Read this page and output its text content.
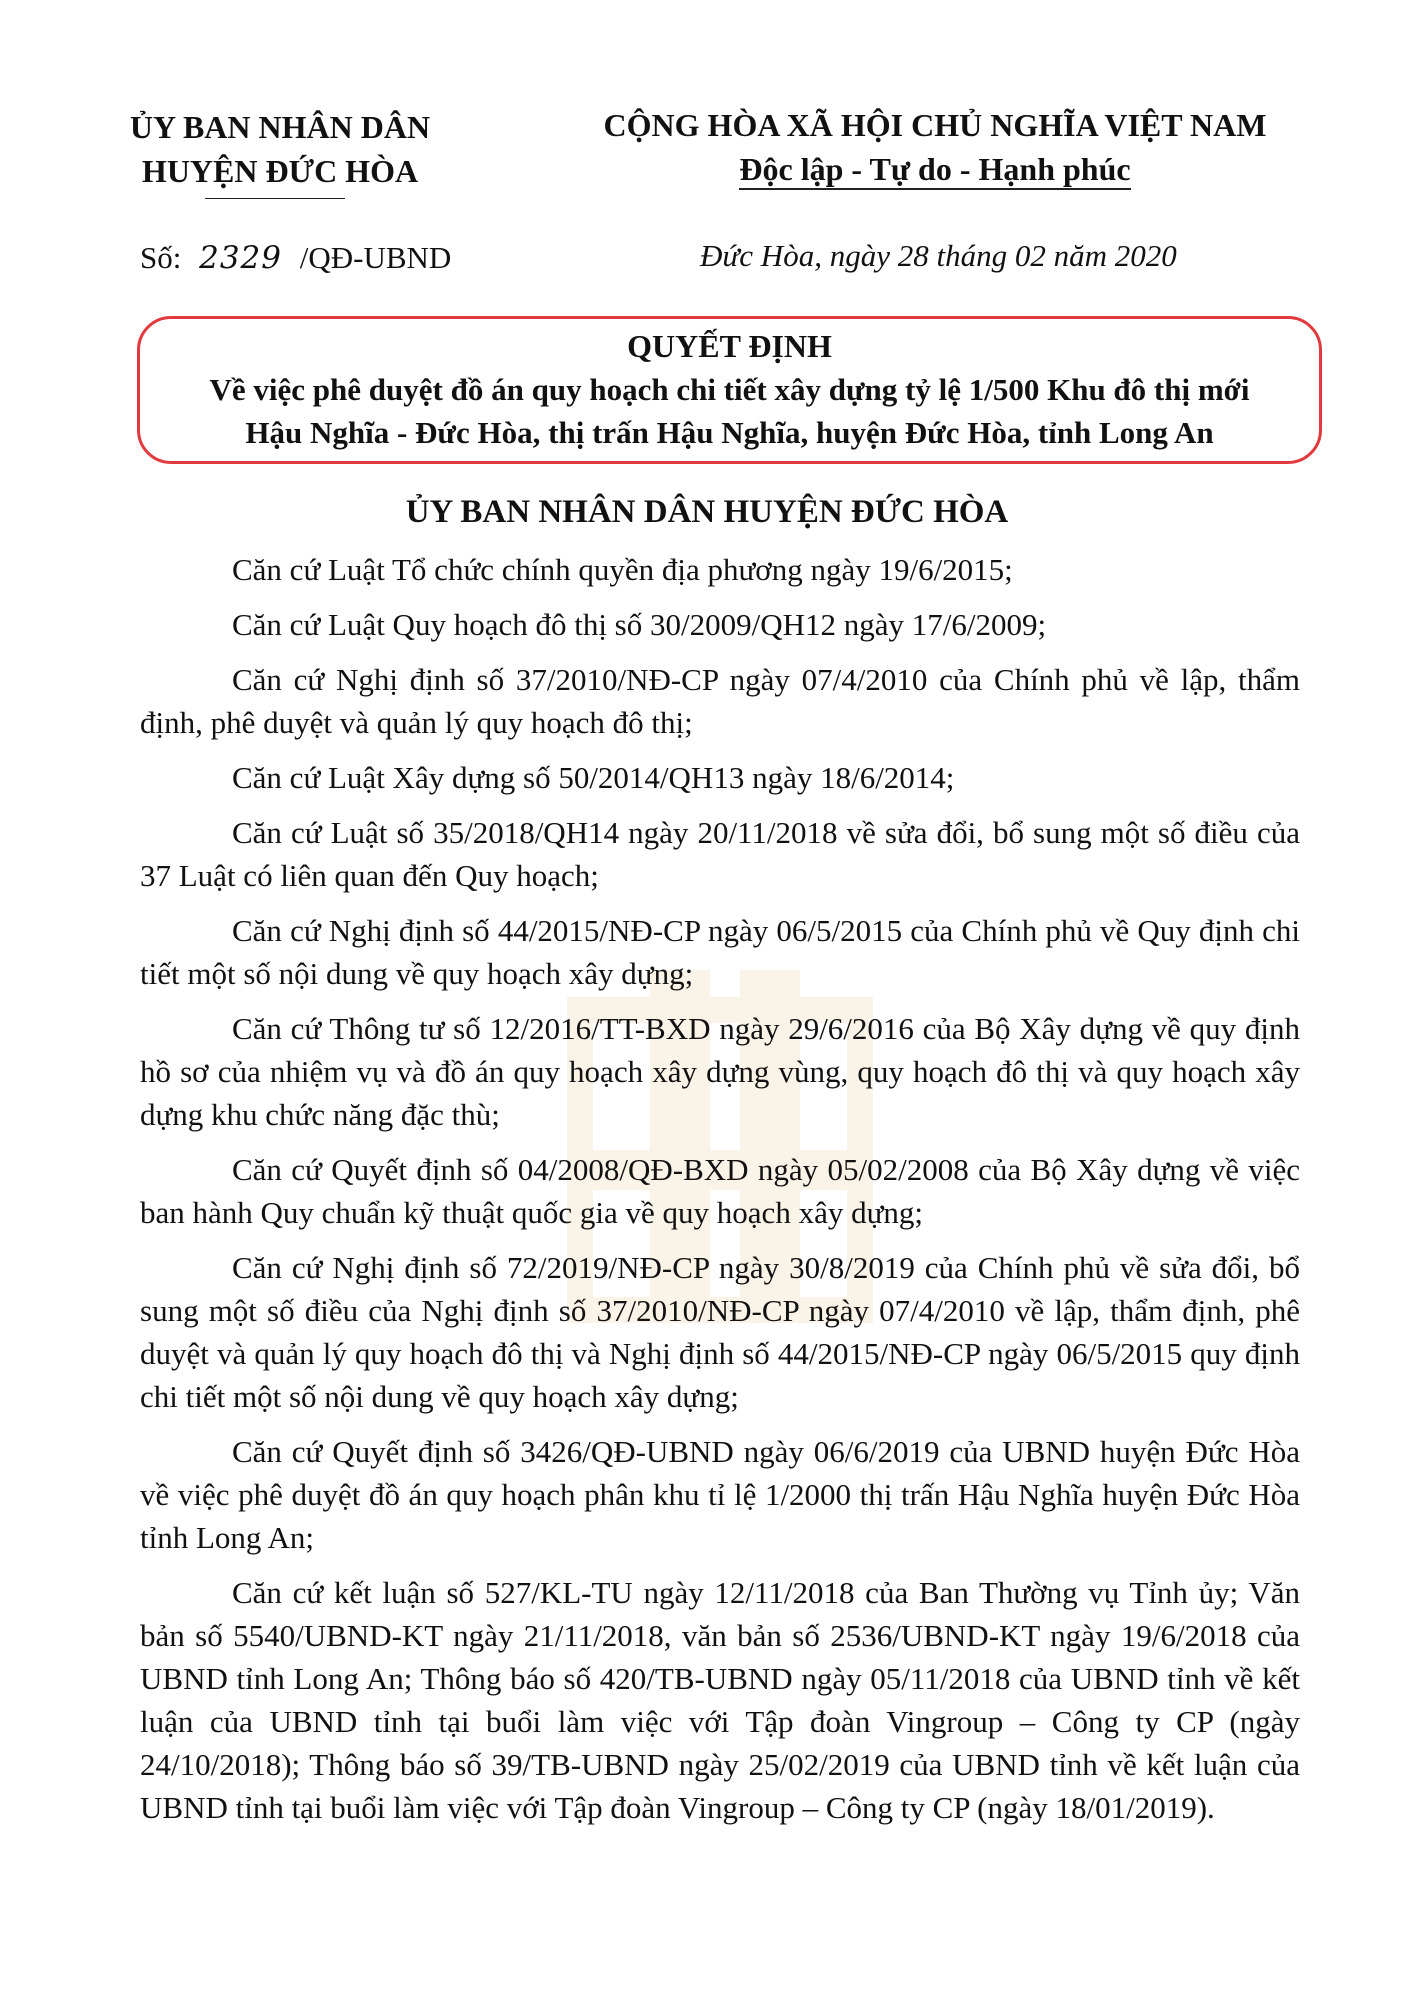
ỦY BAN NHÂN DÂN
HUYỆN ĐỨC HÒA
CỘNG HÒA XÃ HỘI CHỦ NGHĨA VIỆT NAM
Độc lập - Tự do - Hạnh phúc
Số: 2329 /QĐ-UBND	Đức Hòa, ngày 28 tháng 02 năm 2020
QUYẾT ĐỊNH
Về việc phê duyệt đồ án quy hoạch chi tiết xây dựng tỷ lệ 1/500 Khu đô thị mới
Hậu Nghĩa - Đức Hòa, thị trấn Hậu Nghĩa, huyện Đức Hòa, tỉnh Long An
ỦY BAN NHÂN DÂN HUYỆN ĐỨC HÒA

Căn cứ Luật Tổ chức chính quyền địa phương ngày 19/6/2015;

Căn cứ Luật Quy hoạch đô thị số 30/2009/QH12 ngày 17/6/2009;

Căn cứ Nghị định số 37/2010/NĐ-CP ngày 07/4/2010 của Chính phủ về lập, thẩm định, phê duyệt và quản lý quy hoạch đô thị;

Căn cứ Luật Xây dựng số 50/2014/QH13 ngày 18/6/2014;

Căn cứ Luật số 35/2018/QH14 ngày 20/11/2018 về sửa đổi, bổ sung một số điều của 37 Luật có liên quan đến Quy hoạch;

Căn cứ Nghị định số 44/2015/NĐ-CP ngày 06/5/2015 của Chính phủ về Quy định chi tiết một số nội dung về quy hoạch xây dựng;

Căn cứ Thông tư số 12/2016/TT-BXD ngày 29/6/2016 của Bộ Xây dựng về quy định hồ sơ của nhiệm vụ và đồ án quy hoạch xây dựng vùng, quy hoạch đô thị và quy hoạch xây dựng khu chức năng đặc thù;

Căn cứ Quyết định số 04/2008/QĐ-BXD ngày 05/02/2008 của Bộ Xây dựng về việc ban hành Quy chuẩn kỹ thuật quốc gia về quy hoạch xây dựng;

Căn cứ Nghị định số 72/2019/NĐ-CP ngày 30/8/2019 của Chính phủ về sửa đổi, bổ sung một số điều của Nghị định số 37/2010/NĐ-CP ngày 07/4/2010 về lập, thẩm định, phê duyệt và quản lý quy hoạch đô thị và Nghị định số 44/2015/NĐ-CP ngày 06/5/2015 quy định chi tiết một số nội dung về quy hoạch xây dựng;

Căn cứ Quyết định số 3426/QĐ-UBND ngày 06/6/2019 của UBND huyện Đức Hòa về việc phê duyệt đồ án quy hoạch phân khu tỉ lệ 1/2000 thị trấn Hậu Nghĩa huyện Đức Hòa tỉnh Long An;

Căn cứ kết luận số 527/KL-TU ngày 12/11/2018 của Ban Thường vụ Tỉnh ủy; Văn bản số 5540/UBND-KT ngày 21/11/2018, văn bản số 2536/UBND-KT ngày 19/6/2018 của UBND tỉnh Long An; Thông báo số 420/TB-UBND ngày 05/11/2018 của UBND tỉnh về kết luận của UBND tỉnh tại buổi làm việc với Tập đoàn Vingroup – Công ty CP (ngày 24/10/2018); Thông báo số 39/TB-UBND ngày 25/02/2019 của UBND tỉnh về kết luận của UBND tỉnh tại buổi làm việc với Tập đoàn Vingroup – Công ty CP (ngày 18/01/2019).
